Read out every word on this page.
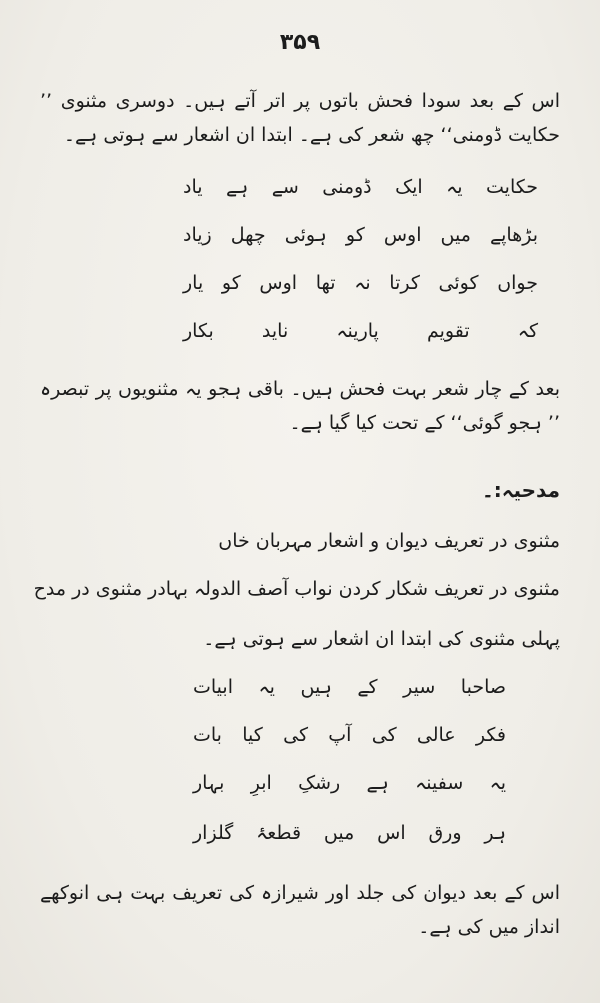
۳۵۹
اس کے بعد سودا فحش باتوں پر اتر آتے ہیں۔ دوسری مثنوی ’’ حکایت ڈومنی‘‘ چھ شعر کی ہے۔ ابتدا ان اشعار سے ہوتی ہے۔
حکایت یہ ایک ڈومنی سے ہے یاد
بڑھاپے میں اوس کو ہوئی چھل زیاد
جواں کوئی کرتا نہ تھا اوس کو یار
کہ تقویم پارینہ ناید بکار
بعد کے چار شعر بہت فحش ہیں۔ باقی ہجو یہ مثنویوں پر تبصرہ ’’ ہجو گوئی‘‘ کے تحت کیا گیا ہے۔
مدحیہ:۔
مثنوی در تعریف دیوان و اشعار مہربان خاں
مثنوی در تعریف شکار کردن نواب آصف الدولہ بہادر مثنوی در مدح
پہلی مثنوی کی ابتدا ان اشعار سے ہوتی ہے۔
صاحبا سیر کے ہیں یہ ابیات
فکر عالی کی آپ کی کیا بات
یہ سفینہ ہے رشکِ ابرِ بہار
ہر ورق اس میں قطعۂ گلزار
اس کے بعد دیوان کی جلد اور شیرازہ کی تعریف بہت ہی انوکھے انداز میں کی ہے۔
